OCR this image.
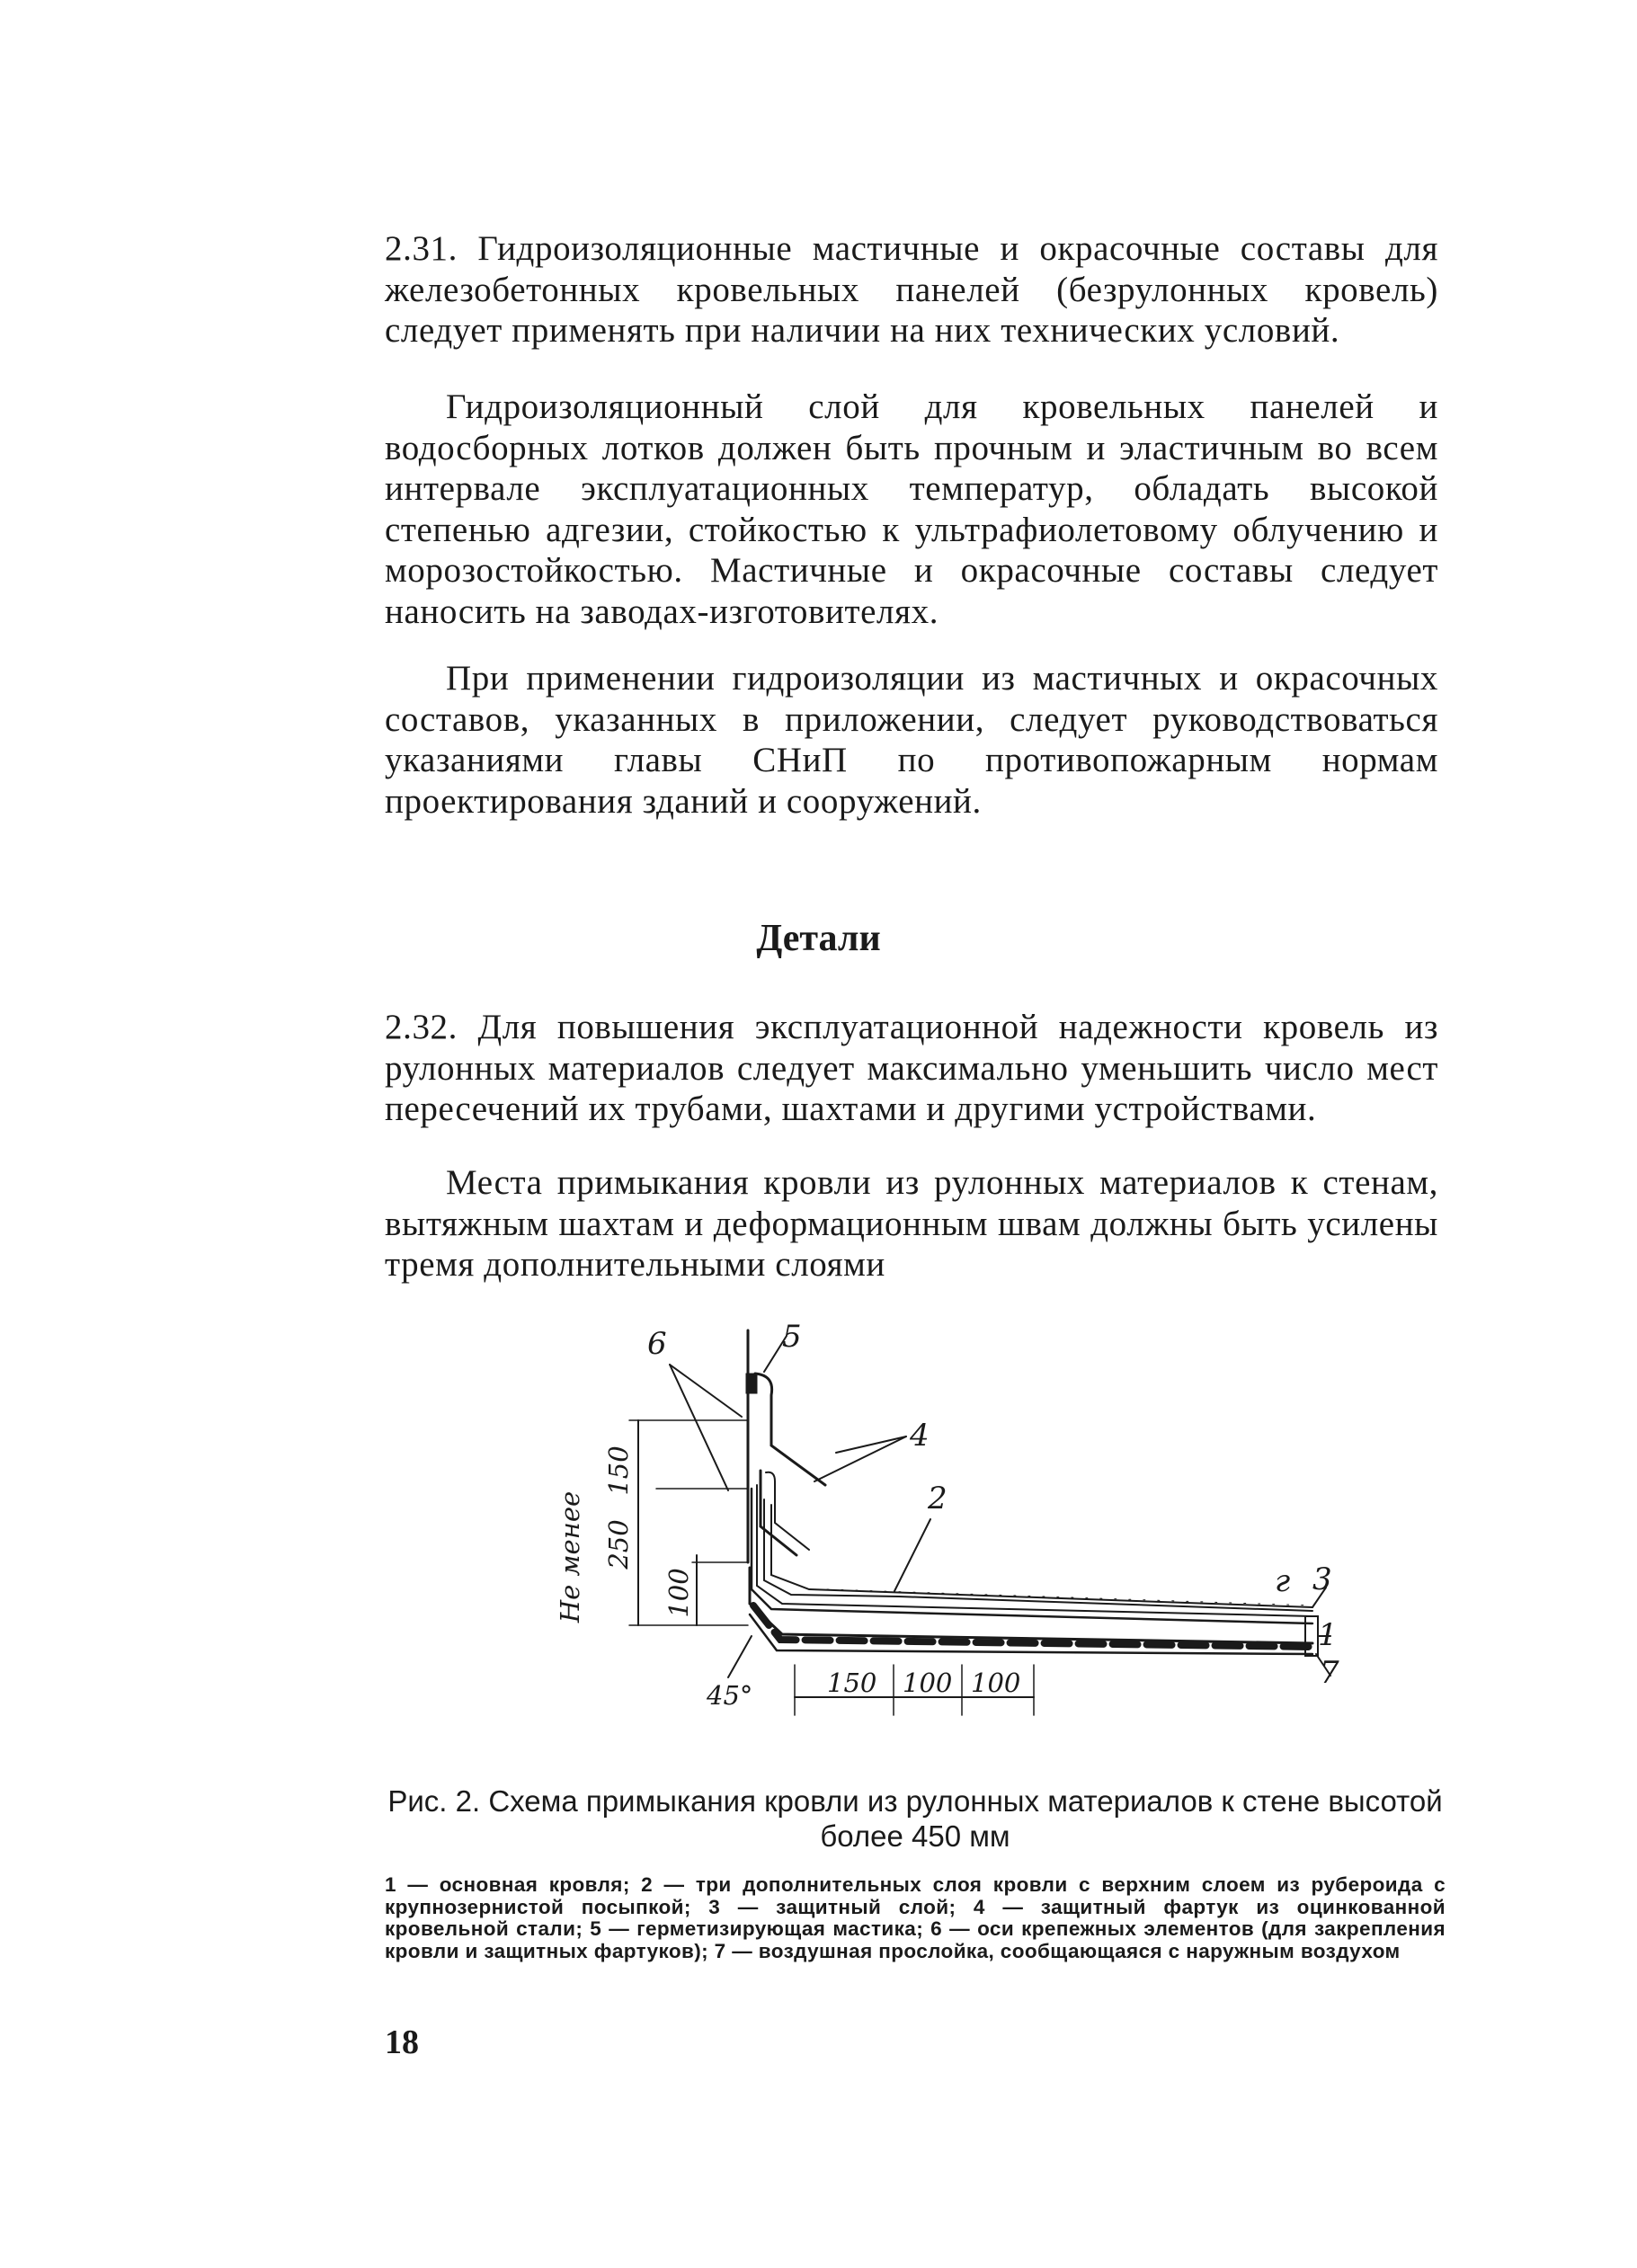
2.31. Гидроизоляционные мастичные и окрасочные составы для железобетонных кровельных панелей (безрулонных кровель) следует применять при наличии на них технических условий.

Гидроизоляционный слой для кровельных панелей и водосборных лотков должен быть прочным и эластичным во всем интервале эксплуатационных температур, обладать высокой степенью адгезии, стойкостью к ультрафиолетовому облучению и морозостойкостью. Мастичные и окрасочные составы следует наносить на заводах-изготовителях.

При применении гидроизоляции из мастичных и окрасочных составов, указанных в приложении, следует руководствоваться указаниями главы СНиП по противопожарным нормам проектирования зданий и сооружений.

Детали

2.32. Для повышения эксплуатационной надежности кровель из рулонных материалов следует максимально уменьшить число мест пересечений их трубами, шахтами и другими устройствами.

Места примыкания кровли из рулонных материалов к стенам, вытяжным шахтам и деформационным швам должны быть усилены тремя дополнительными слоями

6	5
4
2
г 3
1
7
150
250
Не менее	100
45°	150 100 100

Рис. 2. Схема примыкания кровли из рулонных материалов к стене высотой более 450 мм

1 — основная кровля; 2 — три дополнительных слоя кровли с верхним слоем из рубероида с крупнозернистой посыпкой; 3 — защитный слой; 4 — защитный фартук из оцинкованной кровельной стали; 5 — герметизирующая мастика; 6 — оси крепежных элементов (для закрепления кровли и защитных фартуков); 7 — воздушная прослойка, сообщающаяся с наружным воздухом

18
